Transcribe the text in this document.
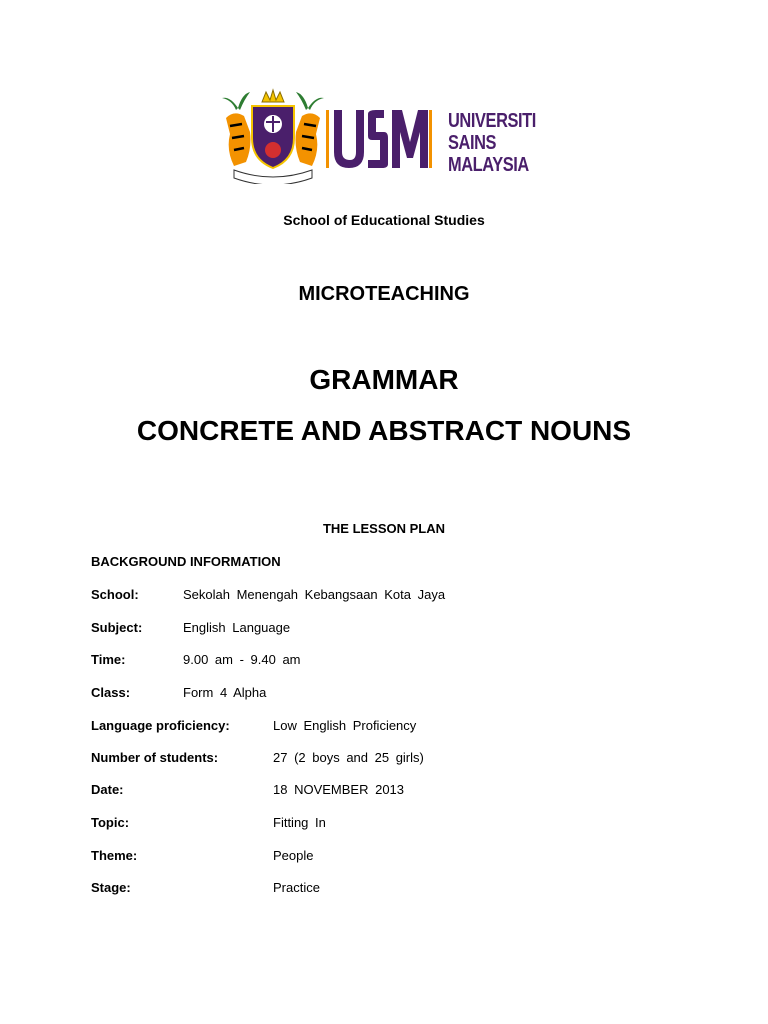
UNIVERSITI
SAINS
MALAYSIA
School of Educational Studies
MICROTEACHING
GRAMMAR
CONCRETE AND ABSTRACT NOUNS
THE LESSON PLAN
BACKGROUND INFORMATION
School:	Sekolah Menengah Kebangsaan Kota Jaya
Subject:	English Language
Time:	9.00 am - 9.40 am
Class:	Form 4 Alpha
Language proficiency:	Low English Proficiency
Number of students:	27 (2 boys and 25 girls)
Date:	18 NOVEMBER 2013
Topic:	Fitting In
Theme:	People
Stage:	Practice
